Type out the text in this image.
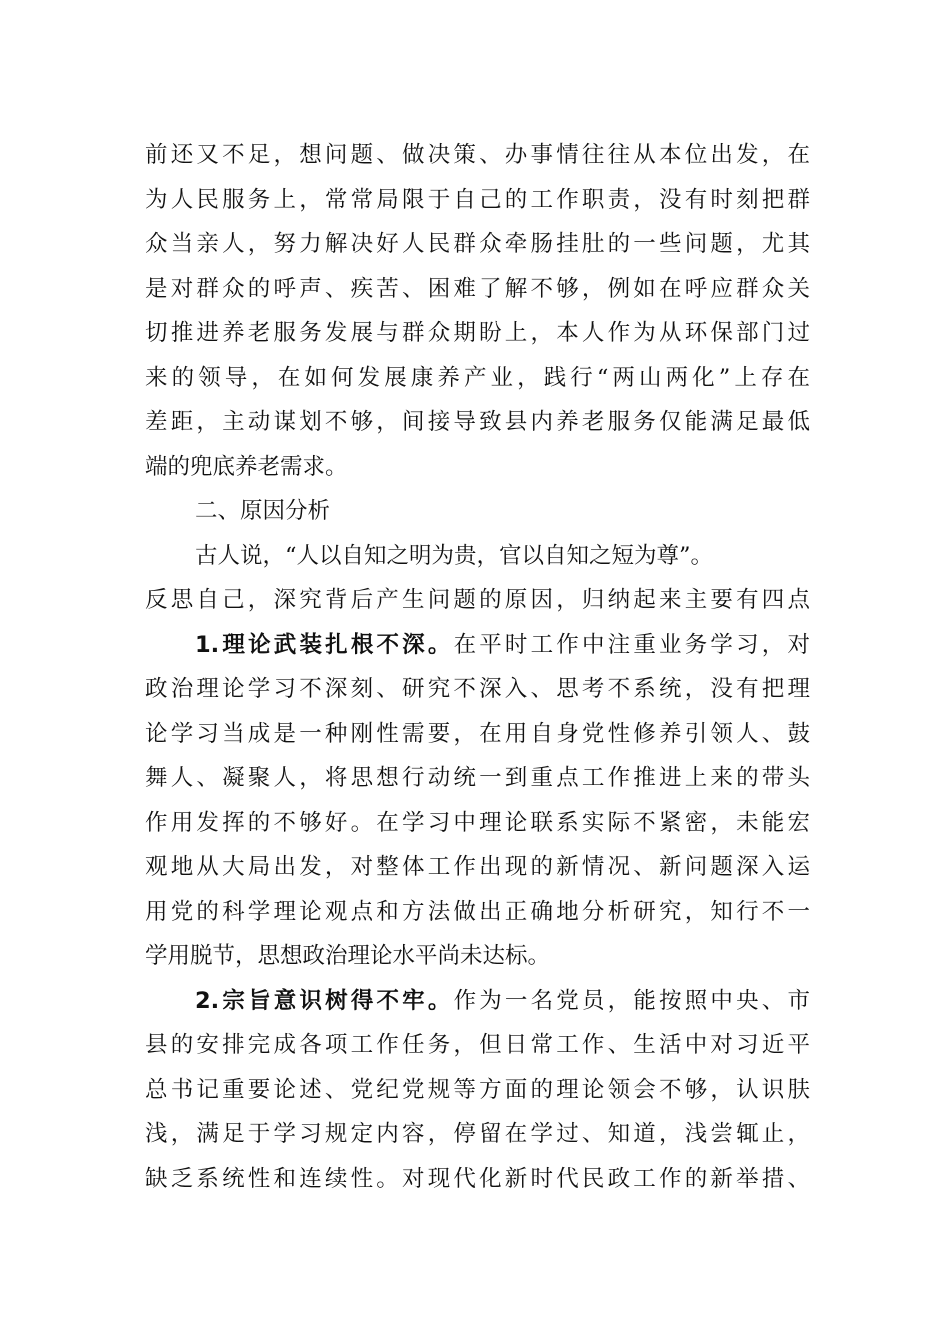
前还又不足，想问题、做决策、办事情往往从本位出发，在
为人民服务上，常常局限于自己的工作职责，没有时刻把群
众当亲人，努力解决好人民群众牵肠挂肚的一些问题，尤其
是对群众的呼声、疾苦、困难了解不够，例如在呼应群众关
切推进养老服务发展与群众期盼上，本人作为从环保部门过
来的领导，在如何发展康养产业，践行“两山两化”上存在
差距，主动谋划不够，间接导致县内养老服务仅能满足最低
端的兜底养老需求。
二、原因分析
古人说，“人以自知之明为贵，官以自知之短为尊”。
反思自己，深究背后产生问题的原因，归纳起来主要有四点
1.理论武装扎根不深。在平时工作中注重业务学习，对
政治理论学习不深刻、研究不深入、思考不系统，没有把理
论学习当成是一种刚性需要，在用自身党性修养引领人、鼓
舞人、凝聚人，将思想行动统一到重点工作推进上来的带头
作用发挥的不够好。在学习中理论联系实际不紧密，未能宏
观地从大局出发，对整体工作出现的新情况、新问题深入运
用党的科学理论观点和方法做出正确地分析研究，知行不一
学用脱节，思想政治理论水平尚未达标。
2.宗旨意识树得不牢。作为一名党员，能按照中央、市
县的安排完成各项工作任务，但日常工作、生活中对习近平
总书记重要论述、党纪党规等方面的理论领会不够，认识肤
浅，满足于学习规定内容，停留在学过、知道，浅尝辄止，
缺乏系统性和连续性。对现代化新时代民政工作的新举措、
